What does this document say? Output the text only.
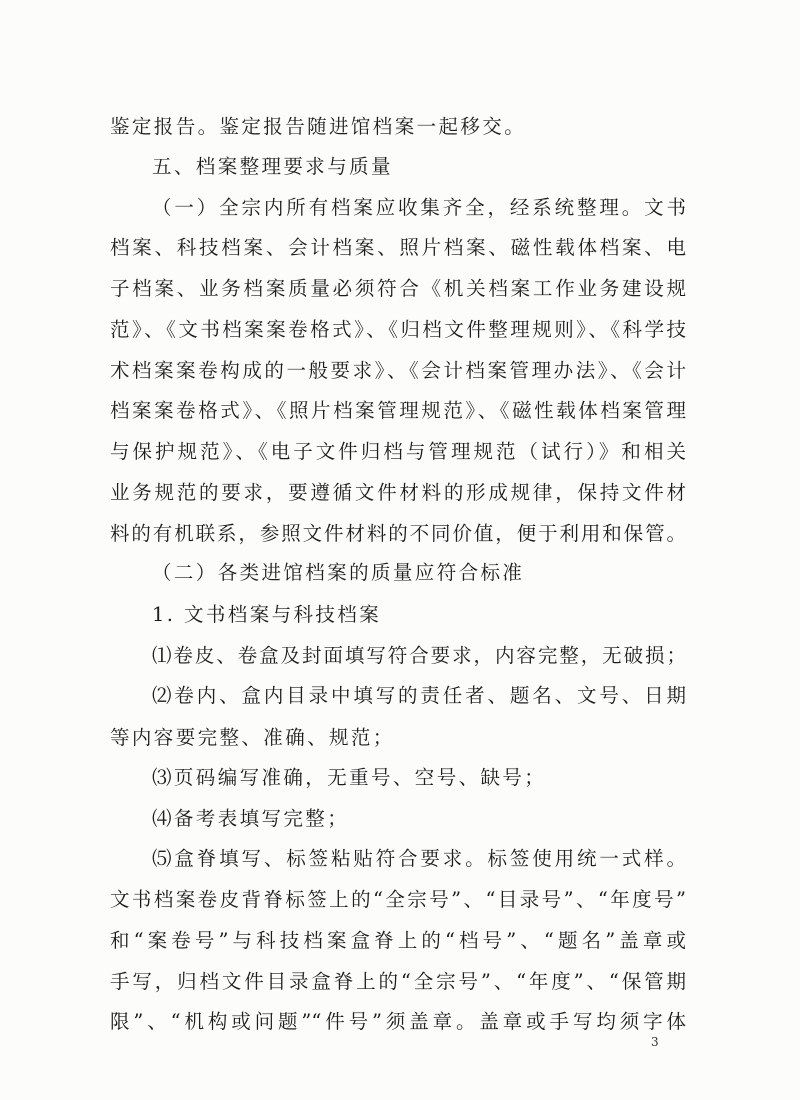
鉴定报告。鉴定报告随进馆档案一起移交。
五、档案整理要求与质量
（一）全宗内所有档案应收集齐全，经系统整理。文书
档案、科技档案、会计档案、照片档案、磁性载体档案、电
子档案、业务档案质量必须符合《机关档案工作业务建设规
范》、《文书档案案卷格式》、《归档文件整理规则》、《科学技
术档案案卷构成的一般要求》、《会计档案管理办法》、《会计
档案案卷格式》、《照片档案管理规范》、《磁性载体档案管理
与保护规范》、《电子文件归档与管理规范（试行）》和相关
业务规范的要求，要遵循文件材料的形成规律，保持文件材
料的有机联系，参照文件材料的不同价值，便于利用和保管。
（二）各类进馆档案的质量应符合标准
1. 文书档案与科技档案
⑴卷皮、卷盒及封面填写符合要求，内容完整，无破损；
⑵卷内、盒内目录中填写的责任者、题名、文号、日期
等内容要完整、准确、规范；
⑶页码编写准确，无重号、空号、缺号；
⑷备考表填写完整；
⑸盒脊填写、标签粘贴符合要求。标签使用统一式样。
文书档案卷皮背脊标签上的“全宗号”、“目录号”、“年度号”
和“案卷号”与科技档案盒脊上的“档号”、“题名”盖章或
手写，归档文件目录盒脊上的“全宗号”、“年度”、“保管期
限”、“机构或问题”“件号”须盖章。盖章或手写均须字体
3
